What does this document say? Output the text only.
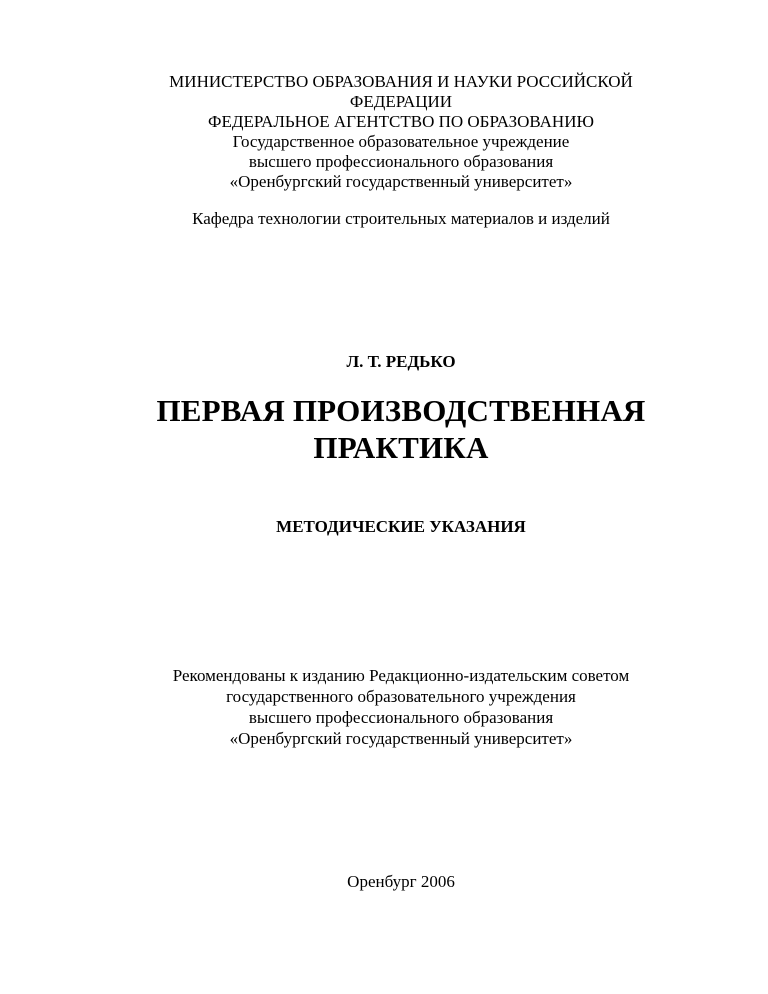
МИНИСТЕРСТВО ОБРАЗОВАНИЯ И НАУКИ РОССИЙСКОЙ
ФЕДЕРАЦИИ
ФЕДЕРАЛЬНОЕ АГЕНТСТВО ПО ОБРАЗОВАНИЮ
Государственное образовательное учреждение
высшего профессионального образования
«Оренбургский государственный университет»
Кафедра технологии строительных материалов и изделий
Л. Т. РЕДЬКО
ПЕРВАЯ ПРОИЗВОДСТВЕННАЯ
ПРАКТИКА
МЕТОДИЧЕСКИЕ УКАЗАНИЯ
Рекомендованы к изданию Редакционно-издательским советом
государственного образовательного учреждения
высшего профессионального образования
«Оренбургский государственный университет»
Оренбург 2006
